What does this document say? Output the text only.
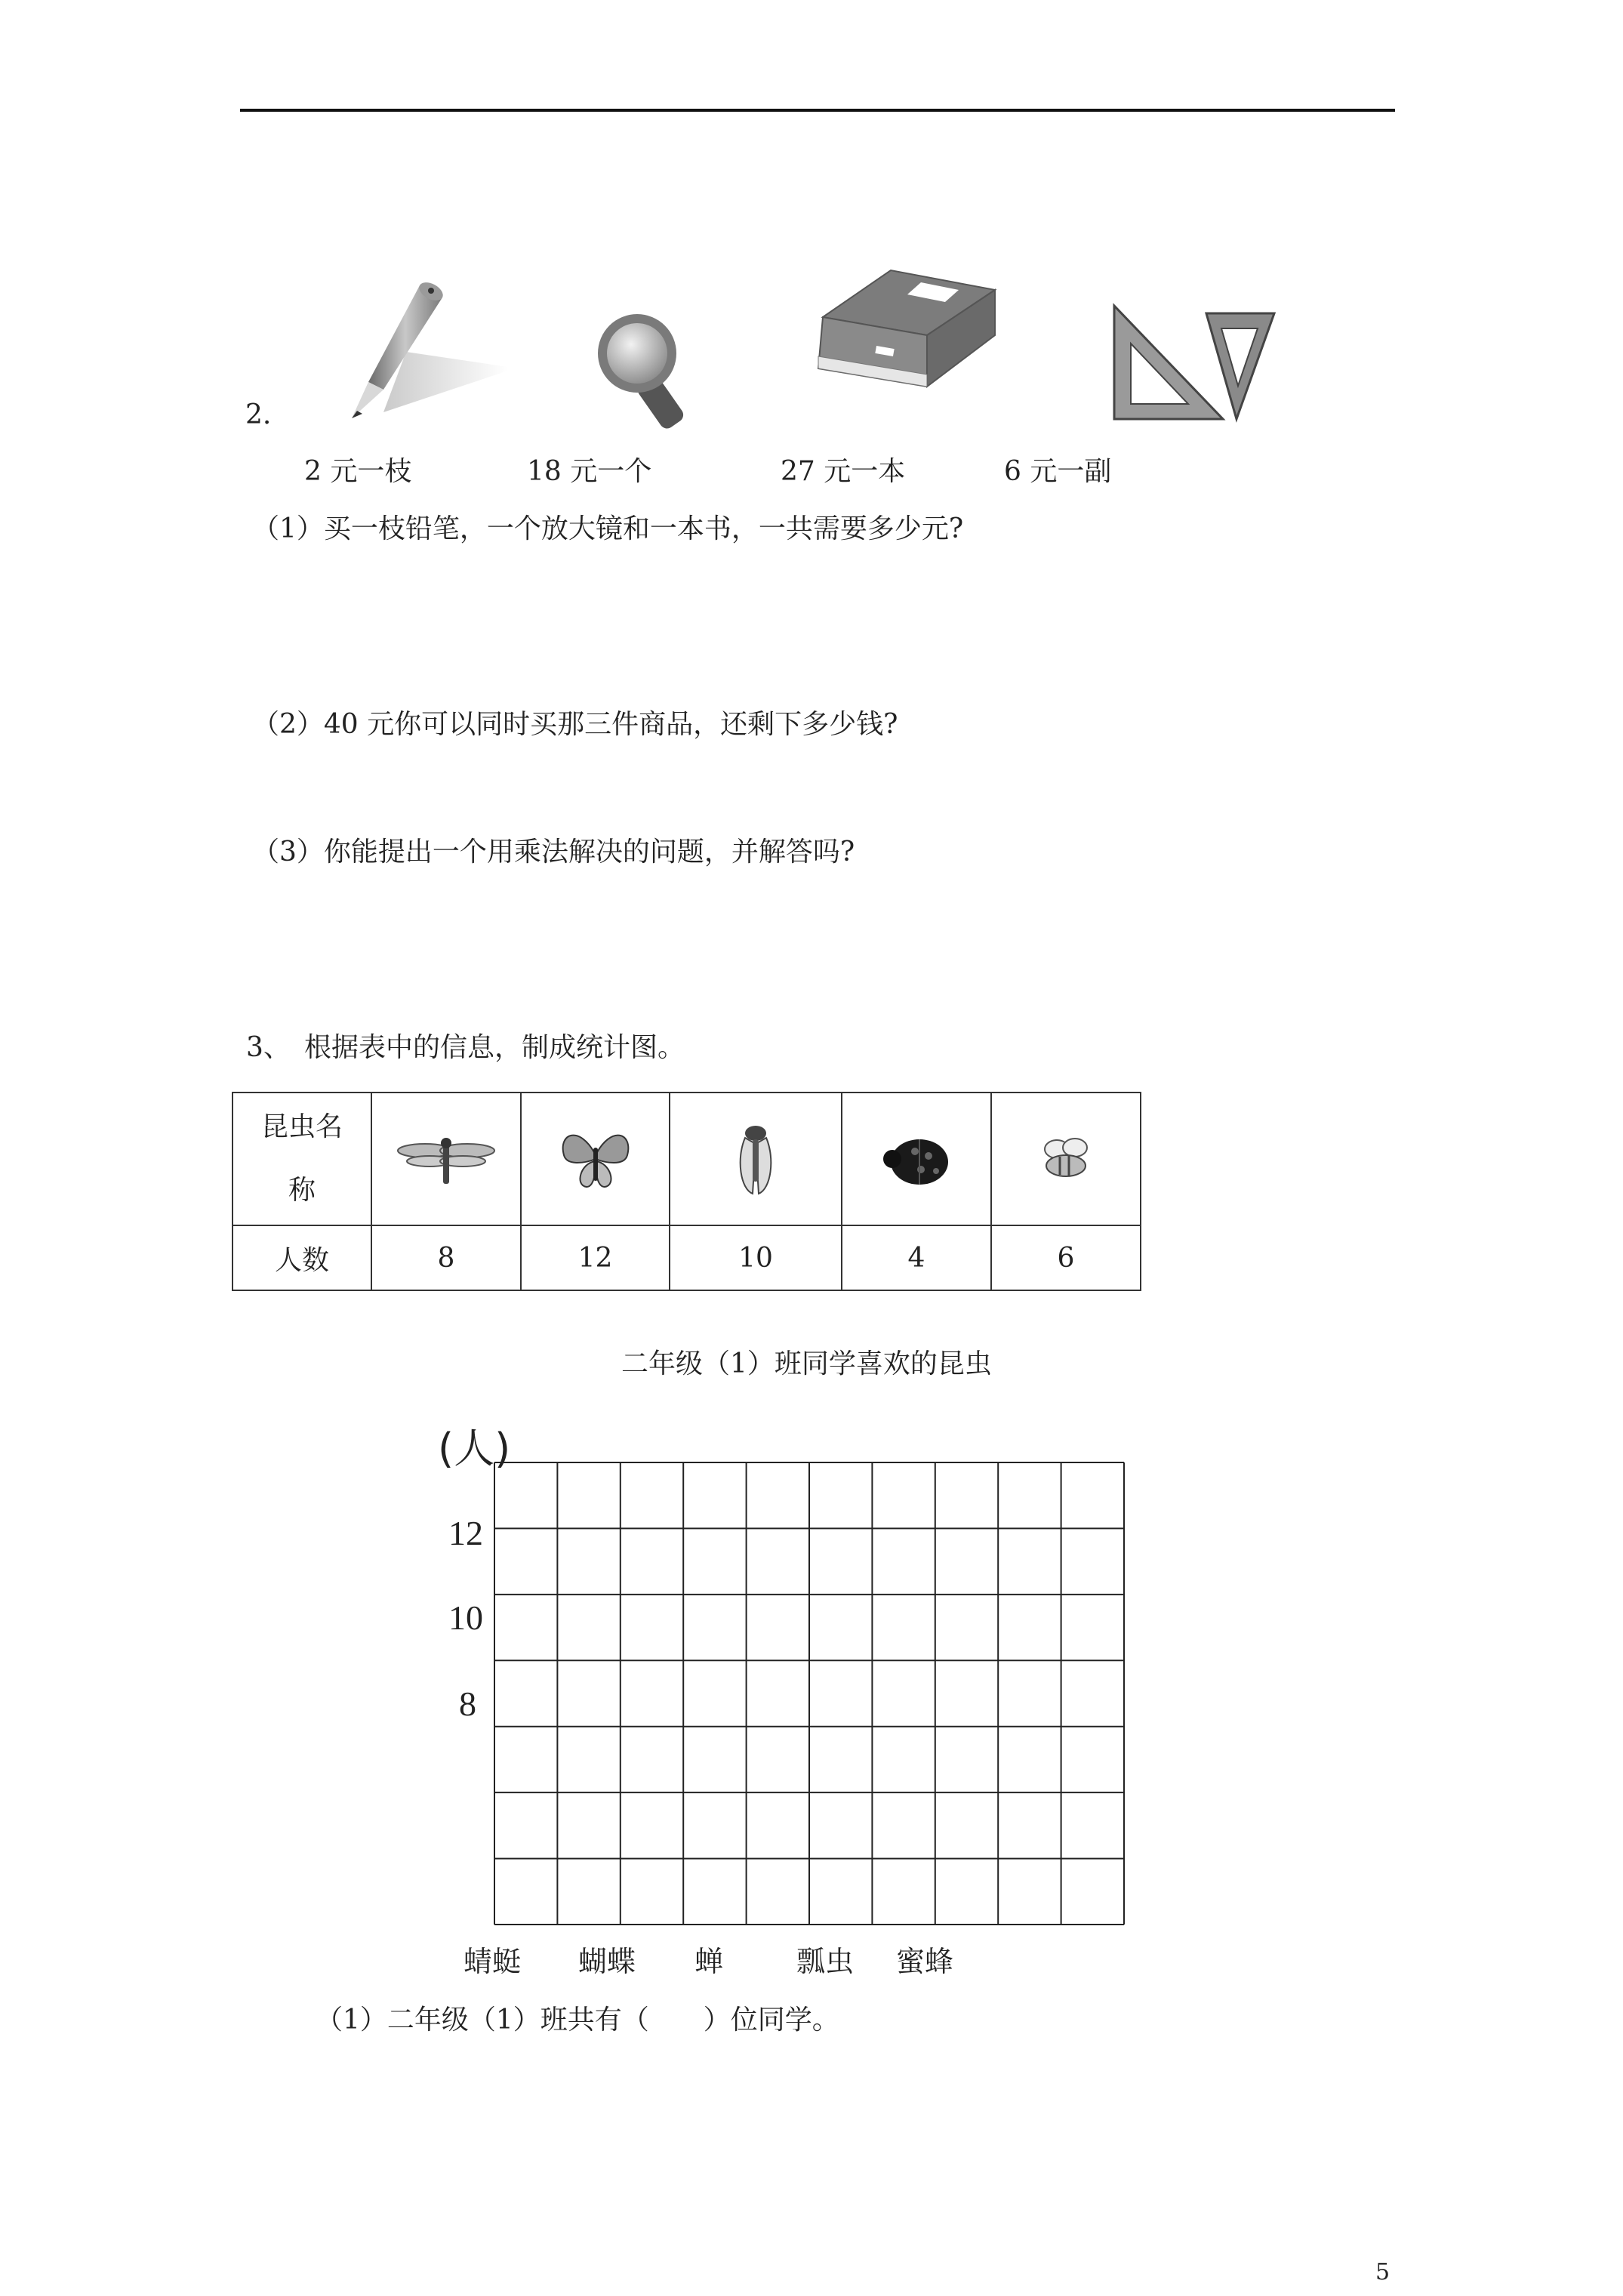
2.
2 元一枝	18 元一个	27 元一本	6 元一副
（1）买一枝铅笔，一个放大镜和一本书，一共需要多少元?
（2）40 元你可以同时买那三件商品，还剩下多少钱?
（3）你能提出一个用乘法解决的问题，并解答吗?
3、 根据表中的信息，制成统计图。
昆虫名
称

人数	8	12	10	4	6
二年级（1）班同学喜欢的昆虫
(人)
12
10
8
蜻蜓 蝴蝶 蝉	瓢虫 蜜蜂
（1）二年级（1）班共有（　　）位同学。
5
